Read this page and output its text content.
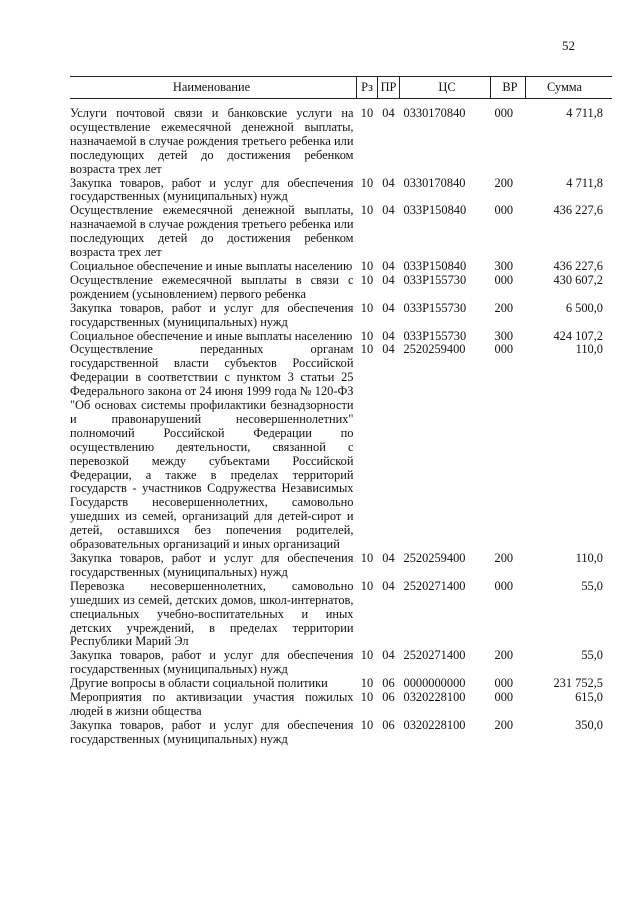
52
Наименование	Рз	ПР	ЦС	ВР	Сумма
Услуги почтовой связи и банковские услуги на осуществление ежемесячной денежной выплаты, назначаемой в случае рождения третьего ребенка или последующих детей до достижения ребенком возраста трех лет	10	04	0330170840	000	4 711,8
Закупка товаров, работ и услуг для обеспечения государственных (муниципальных) нужд	10	04	0330170840	200	4 711,8
Осуществление ежемесячной денежной выплаты, назначаемой в случае рождения третьего ребенка или последующих детей до достижения ребенком возраста трех лет	10	04	033Р150840	000	436 227,6
Социальное обеспечение и иные выплаты населению	10	04	033Р150840	300	436 227,6
Осуществление ежемесячной выплаты в связи с рождением (усыновлением) первого ребенка	10	04	033Р155730	000	430 607,2
Закупка товаров, работ и услуг для обеспечения государственных (муниципальных) нужд	10	04	033Р155730	200	6 500,0
Социальное обеспечение и иные выплаты населению	10	04	033Р155730	300	424 107,2
Осуществление переданных органам государственной власти субъектов Российской Федерации в соответствии с пунктом 3 статьи 25 Федерального закона от 24 июня 1999 года № 120-ФЗ "Об основах системы профилактики безнадзорности и правонарушений несовершеннолетних" полномочий Российской Федерации по осуществлению деятельности, связанной с перевозкой между субъектами Российской Федерации, а также в пределах территорий государств - участников Содружества Независимых Государств несовершеннолетних, самовольно ушедших из семей, организаций для детей-сирот и детей, оставшихся без попечения родителей, образовательных организаций и иных организаций	10	04	2520259400	000	110,0
Закупка товаров, работ и услуг для обеспечения государственных (муниципальных) нужд	10	04	2520259400	200	110,0
Перевозка несовершеннолетних, самовольно ушедших из семей, детских домов, школ-интернатов, специальных учебно-воспитательных и иных детских учреждений, в пределах территории Республики Марий Эл	10	04	2520271400	000	55,0
Закупка товаров, работ и услуг для обеспечения государственных (муниципальных) нужд	10	04	2520271400	200	55,0
Другие вопросы в области социальной политики	10	06	0000000000	000	231 752,5
Мероприятия по активизации участия пожилых людей в жизни общества	10	06	0320228100	000	615,0
Закупка товаров, работ и услуг для обеспечения государственных (муниципальных) нужд	10	06	0320228100	200	350,0
